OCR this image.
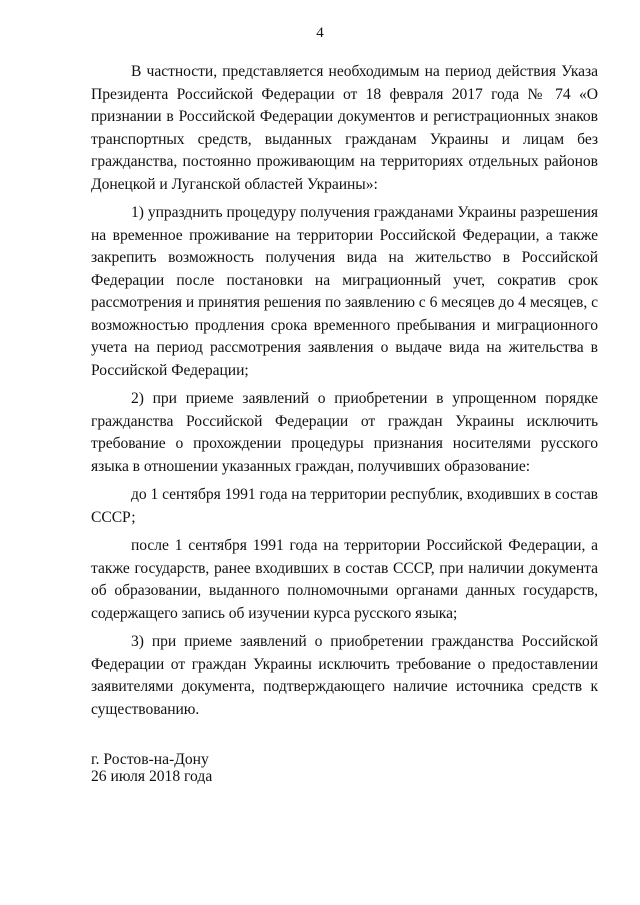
4

В частности, представляется необходимым на период действия Указа Президента Российской Федерации от 18 февраля 2017 года № 74 «О признании в Российской Федерации документов и регистрационных знаков транспортных средств, выданных гражданам Украины и лицам без гражданства, постоянно проживающим на территориях отдельных районов Донецкой и Луганской областей Украины»:

1) упразднить процедуру получения гражданами Украины разрешения на временное проживание на территории Российской Федерации, а также закрепить возможность получения вида на жительство в Российской Федерации после постановки на миграционный учет, сократив срок рассмотрения и принятия решения по заявлению с 6 месяцев до 4 месяцев, с возможностью продления срока временного пребывания и миграционного учета на период рассмотрения заявления о выдаче вида на жительства в Российской Федерации;

2) при приеме заявлений о приобретении в упрощенном порядке гражданства Российской Федерации от граждан Украины исключить требование о прохождении процедуры признания носителями русского языка в отношении указанных граждан, получивших образование:

до 1 сентября 1991 года на территории республик, входивших в состав СССР;

после 1 сентября 1991 года на территории Российской Федерации, а также государств, ранее входивших в состав СССР, при наличии документа об образовании, выданного полномочными органами данных государств, содержащего запись об изучении курса русского языка;

3) при приеме заявлений о приобретении гражданства Российской Федерации от граждан Украины исключить требование о предоставлении заявителями документа, подтверждающего наличие источника средств к существованию.

г. Ростов-на-Дону
26 июля 2018 года
